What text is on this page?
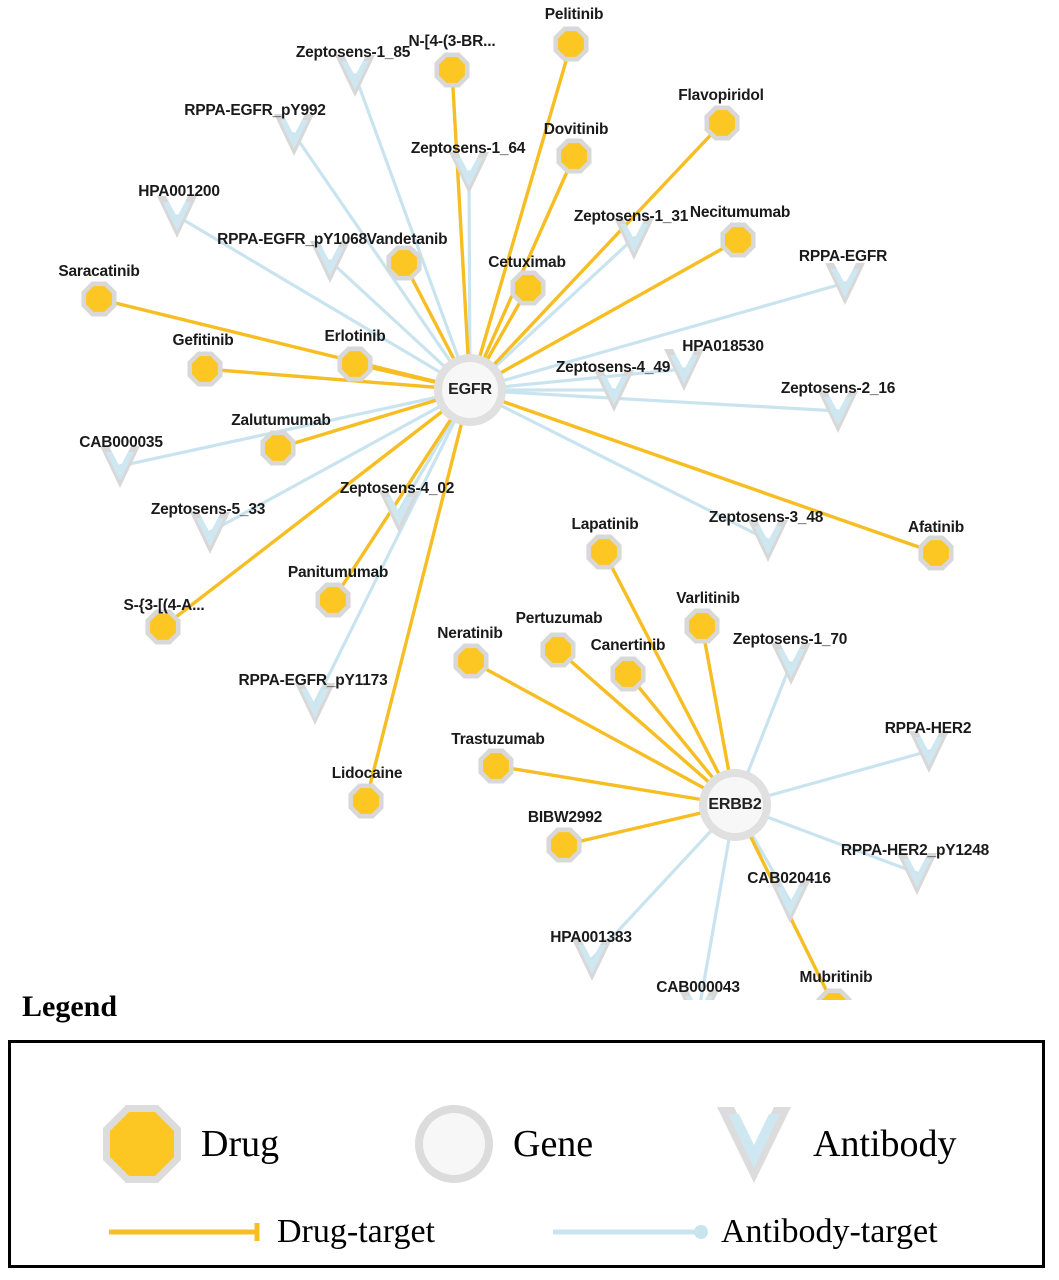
Pelitinib
N-[4-(3-BR...
Flavopiridol
Dovitinib
Necitumumab
Vandetanib
Cetuximab
Saracatinib
Gefitinib	Erlotinib
Zalutumumab
Afatinib
Lapatinib
Panitumumab
Varlitinib
S-{3-[(4-A...
Neratinib
Pertuzumab
Canertinib
Trastuzumab
Lidocaine
BIBW2992
Mubritinib
Zeptosens-1_85
RPPA-EGFR_pY992
Zeptosens-1_64
HPA001200
Zeptosens-1_31
RPPA-EGFR_pY1068
RPPA-EGFR
HPA018530
Zeptosens-4_49
Zeptosens-2_16
CAB000035
Zeptosens-4_02
Zeptosens-5_33	Zeptosens-3_48
Zeptosens-1_70
RPPA-EGFR_pY1173
RPPA-HER2
RPPA-HER2_pY1248
CAB020416
HPA001383
CAB000043
EGFR
ERBB2
Legend
Drug	Gene	Antibody
Drug-target	Antibody-target
